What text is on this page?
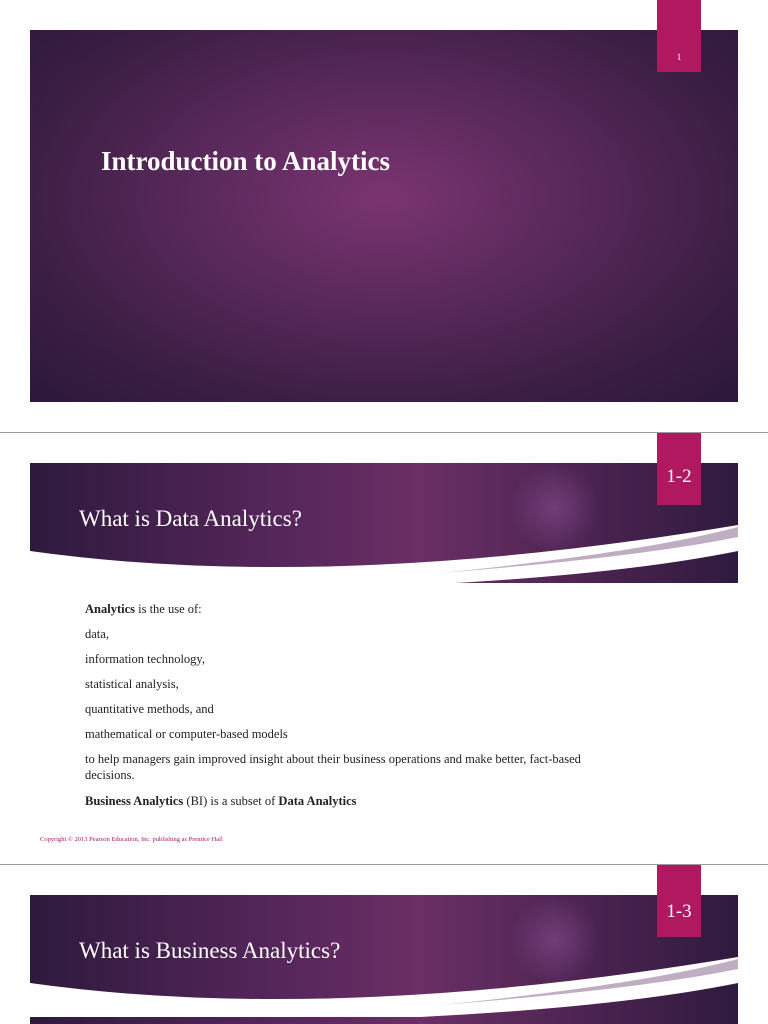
1
Introduction to Analytics
1-2
What is Data Analytics?
Analytics is the use of:
data,
information technology,
statistical analysis,
quantitative methods, and
mathematical or computer-based models
to help managers gain improved insight about their business operations and make better, fact-based decisions.
Business Analytics (BI) is a subset of Data Analytics
Copyright © 2013 Pearson Education, Inc. publishing as Prentice Hall
1-3
What is Business Analytics?
